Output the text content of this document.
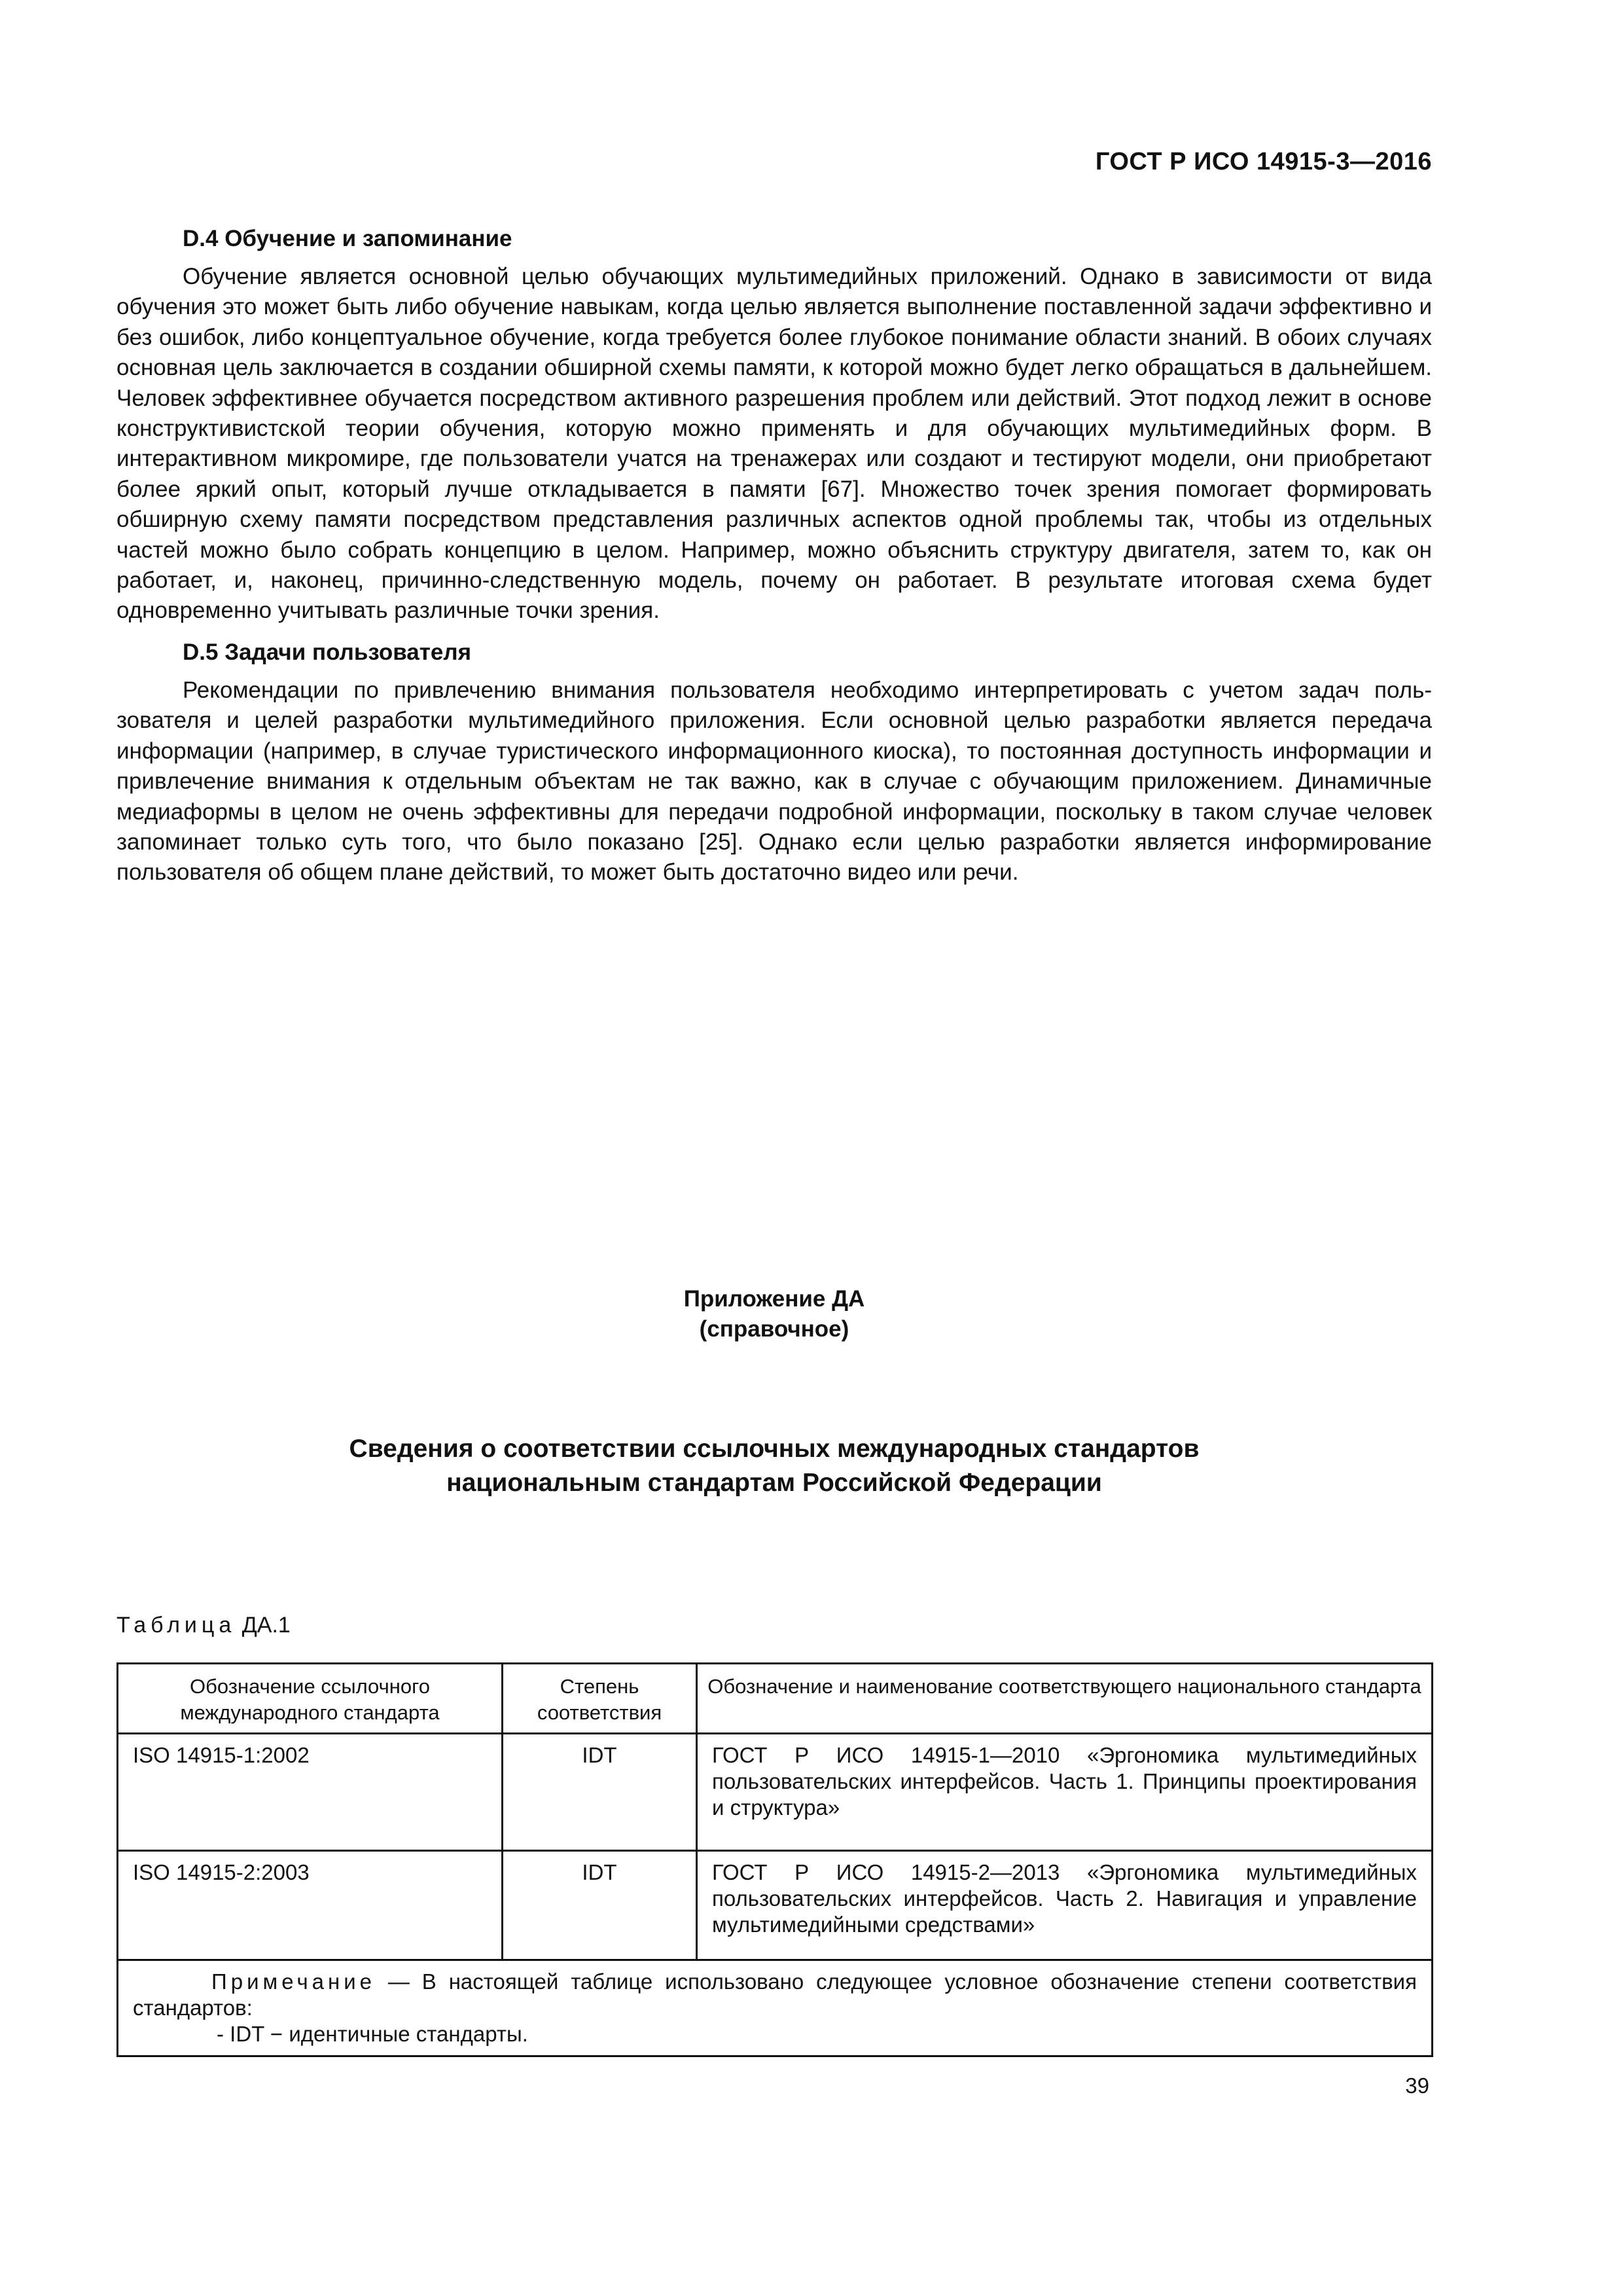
ГОСТ Р ИСО 14915-3—2016
D.4 Обучение и запоминание

Обучение является основной целью обучающих мультимедийных приложений. Однако в зависимости от вида обучения это может быть либо обучение навыкам, когда целью является выполнение поставленной задачи эффективно и без ошибок, либо концептуальное обучение, когда требуется более глубокое понимание области знаний. В обоих случаях основная цель заключается в создании обширной схемы памяти, к которой можно будет легко обращаться в дальнейшем. Человек эффективнее обучается посредством активного разрешения проблем или действий. Этот подход лежит в основе конструктивистской теории обучения, которую можно применять и для обучающих мультимедийных форм. В интерактивном микромире, где пользователи учатся на тренажерах или создают и тестируют модели, они приобретают более яркий опыт, который лучше откладывается в памяти [67]. Множество точек зрения помогает формировать обширную схему памяти посредством представления различных аспектов одной проблемы так, чтобы из отдельных частей можно было собрать концепцию в целом. Например, можно объяснить структуру двигателя, затем то, как он работает, и, наконец, причинно-следственную модель, почему он работает. В результате итоговая схема будет одновременно учитывать различные точки зрения.

D.5 Задачи пользователя

Рекомендации по привлечению внимания пользователя необходимо интерпретировать с учетом задач пользователя и целей разработки мультимедийного приложения. Если основной целью разработки является передача информации (например, в случае туристического информационного киоска), то постоянная доступность информации и привлечение внимания к отдельным объектам не так важно, как в случае с обучающим приложением. Динамичные медиаформы в целом не очень эффективны для передачи подробной информации, поскольку в таком случае человек запоминает только суть того, что было показано [25]. Однако если целью разработки является информирование пользователя об общем плане действий, то может быть достаточно видео или речи.

Приложение ДА
(справочное)
Сведения о соответствии ссылочных международных стандартов
национальным стандартам Российской Федерации
Таблица ДА.1
Обозначение ссылочного международного стандарта	Степень соответствия	Обозначение и наименование соответствующего национального стандарта
ISO 14915-1:2002	IDT	ГОСТ Р ИСО 14915-1—2010 «Эргономика мультимедийных пользовательских интерфейсов. Часть 1. Принципы проектирования и структура»
ISO 14915-2:2003	IDT	ГОСТ Р ИСО 14915-2—2013 «Эргономика мультимедийных пользовательских интерфейсов. Часть 2. Навигация и управление мультимедийными средствами»

Примечание — В настоящей таблице использовано следующее условное обозначение степени соответствия стандартов:

- IDT − идентичные стандарты.		

39
